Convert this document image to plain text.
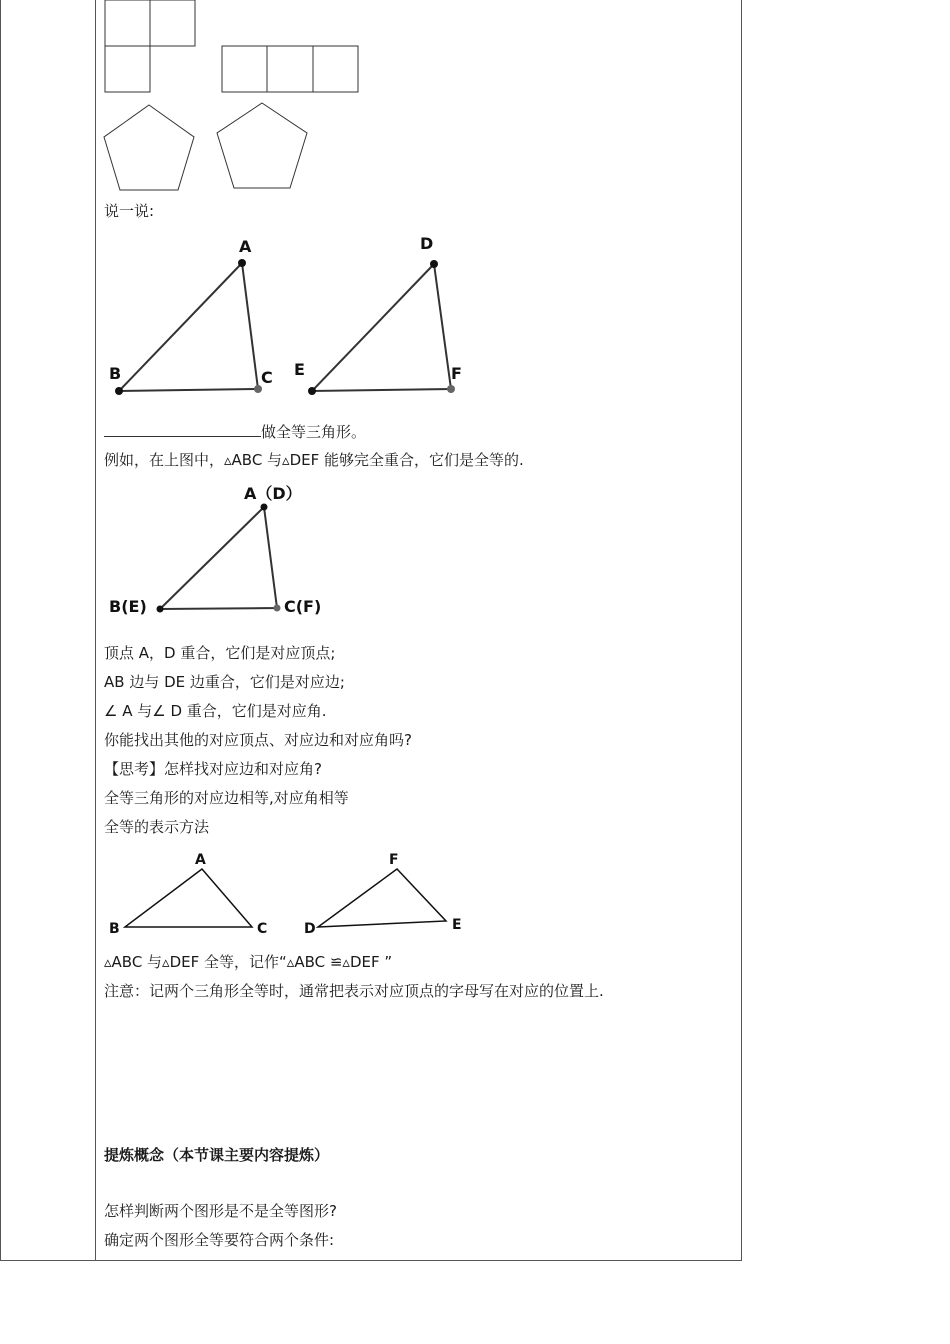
说一说:
A
B	C
D
E	F
做全等三角形。
例如，在上图中，▵ABC 与▵DEF 能够完全重合，它们是全等的.
A（D）
B(E)	C(F)
顶点 A，D 重合，它们是对应顶点;
AB 边与 DE 边重合，它们是对应边;
∠ A 与∠ D 重合，它们是对应角.
你能找出其他的对应顶点、对应边和对应角吗?
【思考】怎样找对应边和对应角?
全等三角形的对应边相等,对应角相等
全等的表示方法
A
B	C
F
D	E
▵ABC 与▵DEF 全等，记作“▵ABC ≌▵DEF ”
注意：记两个三角形全等时，通常把表示对应顶点的字母写在对应的位置上.
提炼概念（本节课主要内容提炼）
怎样判断两个图形是不是全等图形?
确定两个图形全等要符合两个条件:
